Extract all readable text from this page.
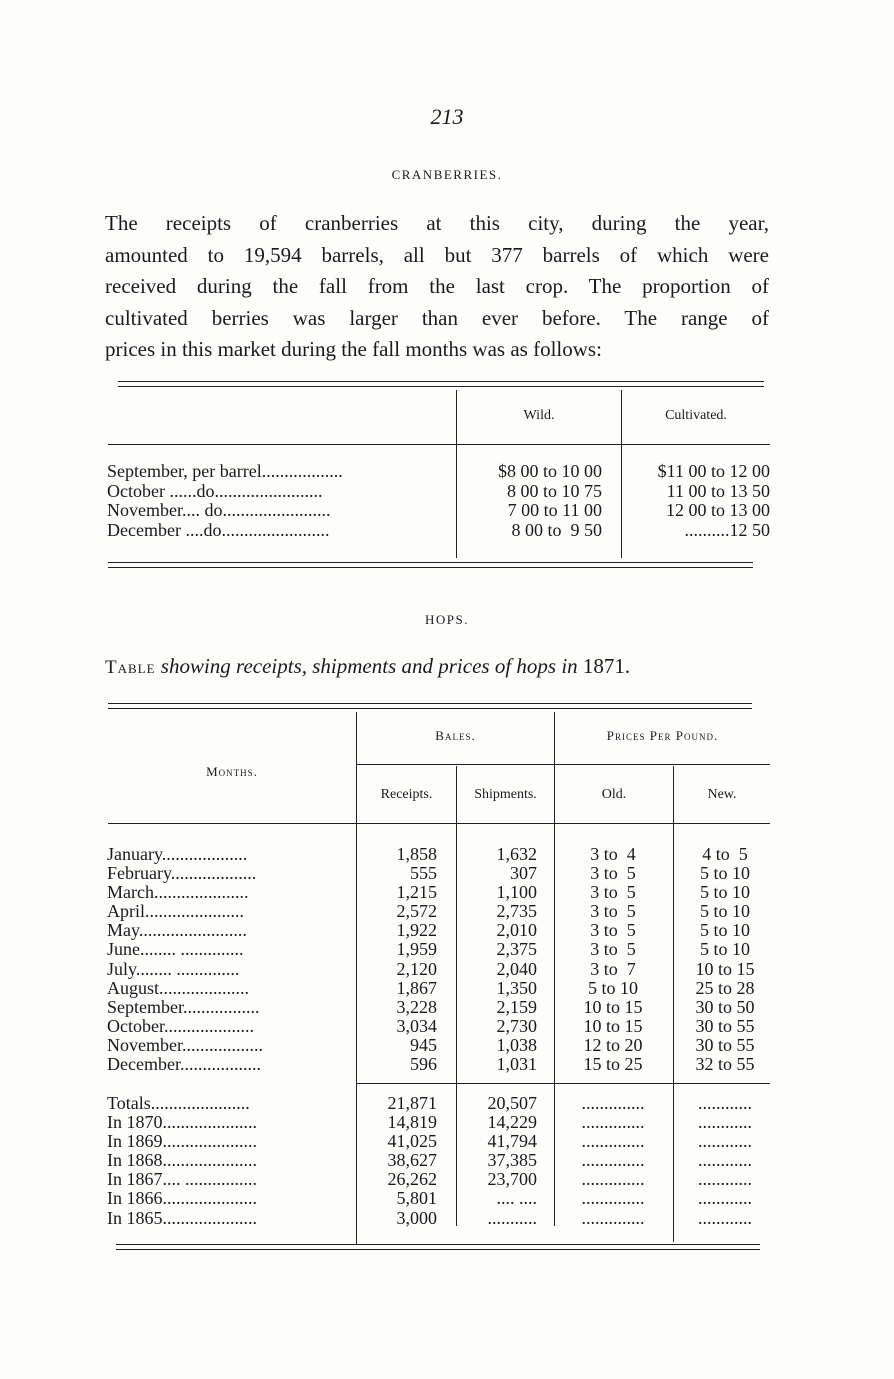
213
CRANBERRIES.
The receipts of cranberries at this city, during the year,
amounted to 19,594 barrels, all but 377 barrels of which were
received during the fall from the last crop. The proportion of
cultivated berries was larger than ever before. The range of
prices in this market during the fall months was as follows:
Wild.	Cultivated.
September, per barrel..................	$8 00 to 10 00	$11 00 to 12 00
October ......do........................	8 00 to 10 75	11 00 to 13 50
November.... do........................	7 00 to 11 00	12 00 to 13 00
December ....do........................	8 00 to  9 50	..........12 50
HOPS.
Table showing receipts, shipments and prices of hops in 1871.
Months.
Bales.	Prices Per Pound.
Receipts.	Shipments.	Old.	New.
January...................	1,858	1,632	3 to  4	4 to  5
February...................	555	307	3 to  5	5 to 10
March.....................	1,215	1,100	3 to  5	5 to 10
April......................	2,572	2,735	3 to  5	5 to 10
May........................	1,922	2,010	3 to  5	5 to 10
June........ ..............	1,959	2,375	3 to  5	5 to 10
July........ ..............	2,120	2,040	3 to  7	10 to 15
August....................	1,867	1,350	5 to 10	25 to 28
September.................	3,228	2,159	10 to 15	30 to 50
October....................	3,034	2,730	10 to 15	30 to 55
November..................	945	1,038	12 to 20	30 to 55
December..................	596	1,031	15 to 25	32 to 55
Totals......................	21,871	20,507	..............	............
In 1870.....................	14,819	14,229	..............	............
In 1869.....................	41,025	41,794	..............	............
In 1868.....................	38,627	37,385	..............	............
In 1867.... ................	26,262	23,700	..............	............
In 1866.....................	5,801	.... ....	..............	............
In 1865.....................	3,000	...........	..............	............
